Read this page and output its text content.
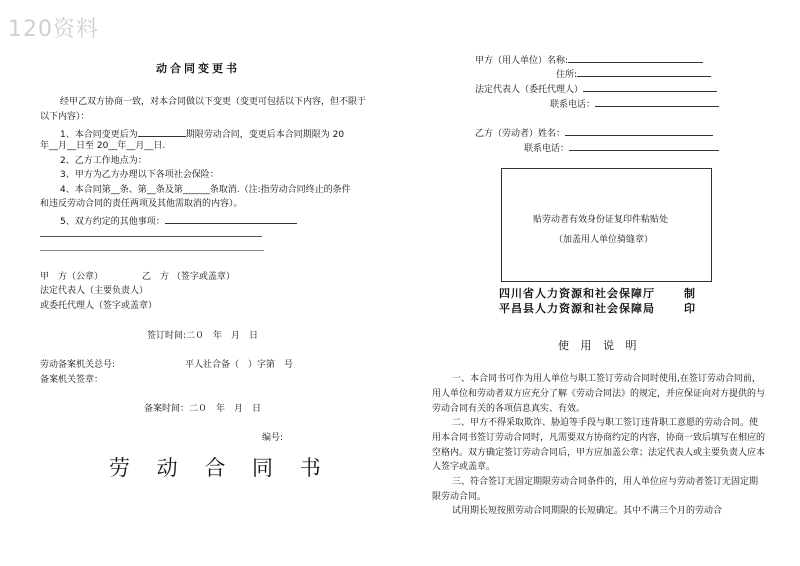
120资料
动合同变更书
经甲乙双方协商一致，对本合同做以下变更（变更可包括以下内容，但不限于以下内容）：
1、本合同变更后为	期限劳动合同，变更后本合同期限为 20
年__月__日至 20__年__月__日.
2、乙方工作地点为：
3、甲方为乙方办理以下各项社会保险：
4、本合同第__条、第__条及第______条取消.（注:指劳动合同终止的条件
和违反劳动合同的责任两项及其他需取消的内容）。
5、双方约定的其他事项：
甲　方（公章）	乙　方 （签字或盖章）
法定代表人（主要负责人）
或委托代理人（签字或盖章）
签订时间:二０　年　月　日
劳动备案机关总号:	平人社合备（　）字第　号
备案机关签章：
备案时间：二０　年　月　日
编号:
劳 动 合 同 书
甲方（用人单位）名称:
住所:
法定代表人（委托代理人）
联系电话：
乙方（劳动者）姓名：
联系电话：
贴劳动者有效身份证复印件粘贴处
（加盖用人单位骑缝章）
四川省人力资源和社会保障厅	制
平昌县人力资源和社会保障局	印
使 用 说 明
一、本合同书可作为用人单位与职工签订劳动合同时使用,在签订劳动合同前，用人单位和劳动者双方应充分了解《劳动合同法》的规定，并应保证向对方提供的与劳动合同有关的各项信息真实、有效。
二、甲方不得采取欺诈、胁迫等手段与职工签订违背职工意愿的劳动合同。使用本合同书签订劳动合同时，凡需要双方协商约定的内容，协商一致后填写在相应的空格内。双方确定签订劳动合同后，甲方应加盖公章；法定代表人或主要负责人应本人签字或盖章。
三、符合签订无固定期限劳动合同条件的，用人单位应与劳动者签订无固定期限劳动合同。
试用期长短按照劳动合同期限的长短确定。其中不满三个月的劳动合
